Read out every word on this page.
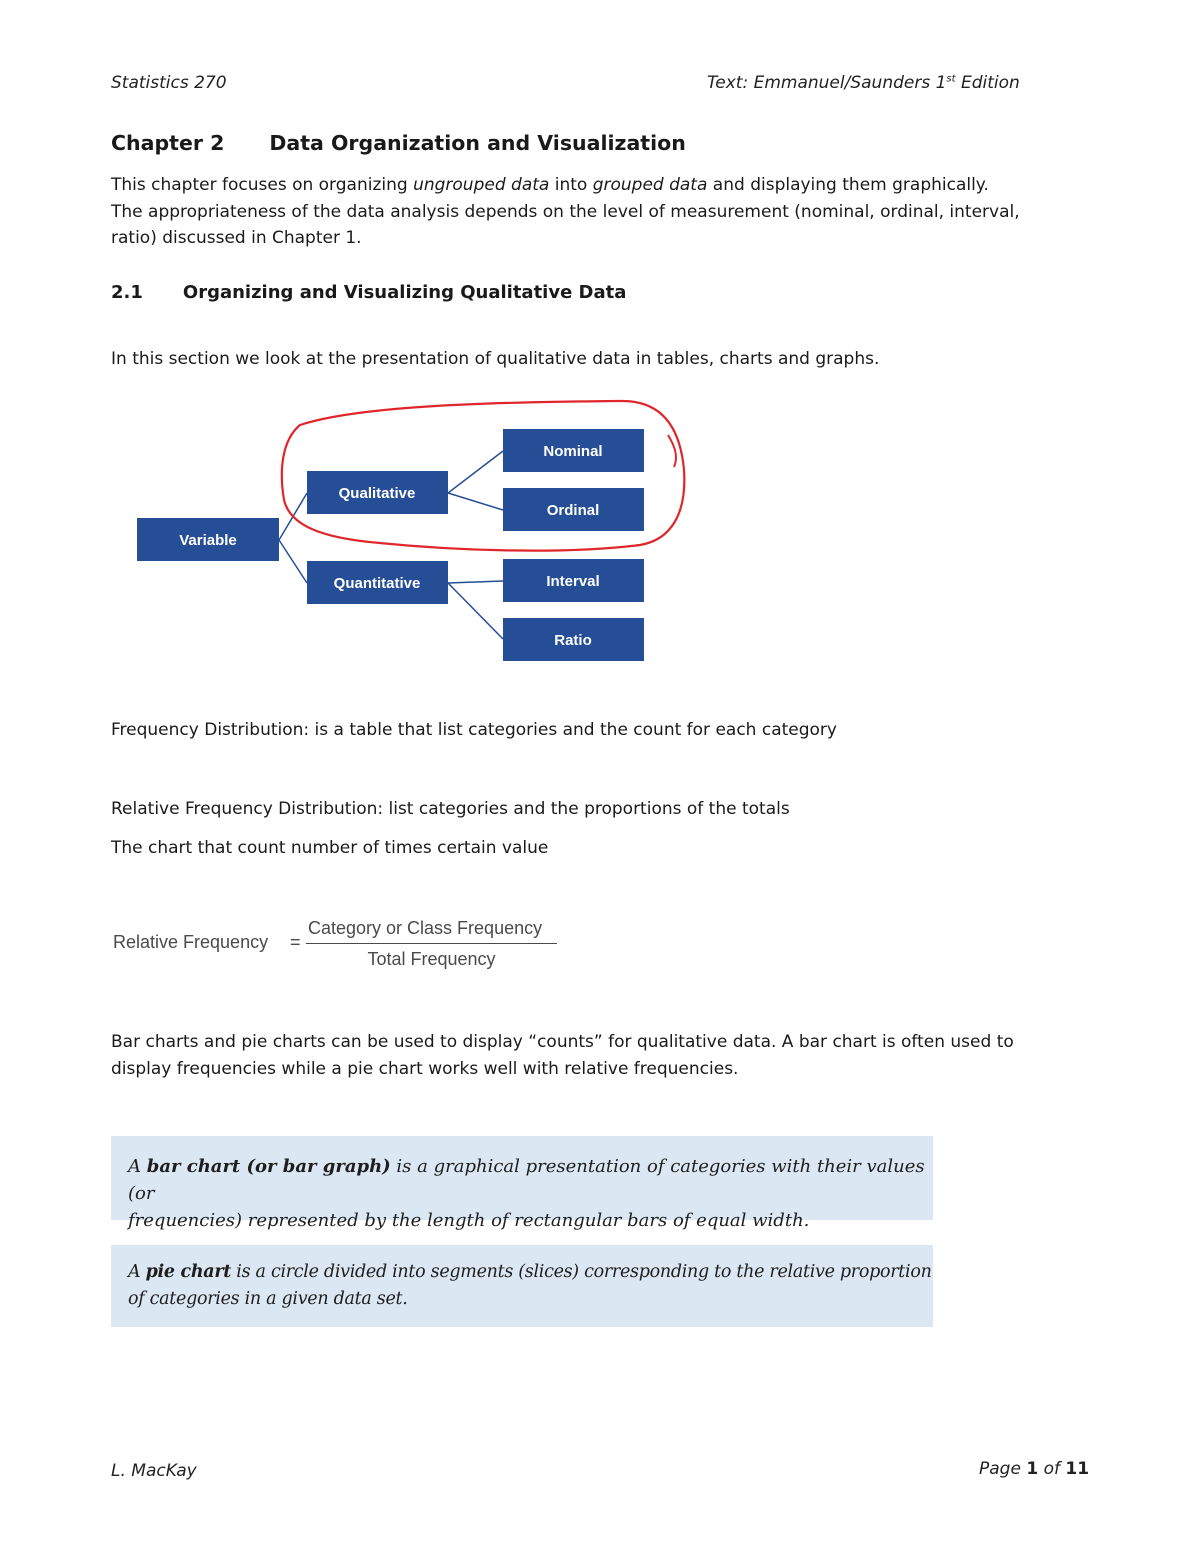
Statistics 270	Text: Emmanuel/Saunders 1st Edition
Chapter 2 Data Organization and Visualization
This chapter focuses on organizing ungrouped data into grouped data and displaying them graphically.
The appropriateness of the data analysis depends on the level of measurement (nominal, ordinal, interval,
ratio) discussed in Chapter 1.
2.1 Organizing and Visualizing Qualitative Data
In this section we look at the presentation of qualitative data in tables, charts and graphs.
Variable
Qualitative
Quantitative
Nominal
Ordinal
Interval
Ratio
Frequency Distribution: is a table that list categories and the count for each category
Relative Frequency Distribution: list categories and the proportions of the totals
The chart that count number of times certain value
Relative Frequency =
Category or Class Frequency
Total Frequency
Bar charts and pie charts can be used to display “counts” for qualitative data. A bar chart is often used to
display frequencies while a pie chart works well with relative frequencies.
A bar chart (or bar graph) is a graphical presentation of categories with their values (or
frequencies) represented by the length of rectangular bars of equal width.
A pie chart is a circle divided into segments (slices) corresponding to the relative proportion
of categories in a given data set.
L. MacKay	Page 1 of 11
